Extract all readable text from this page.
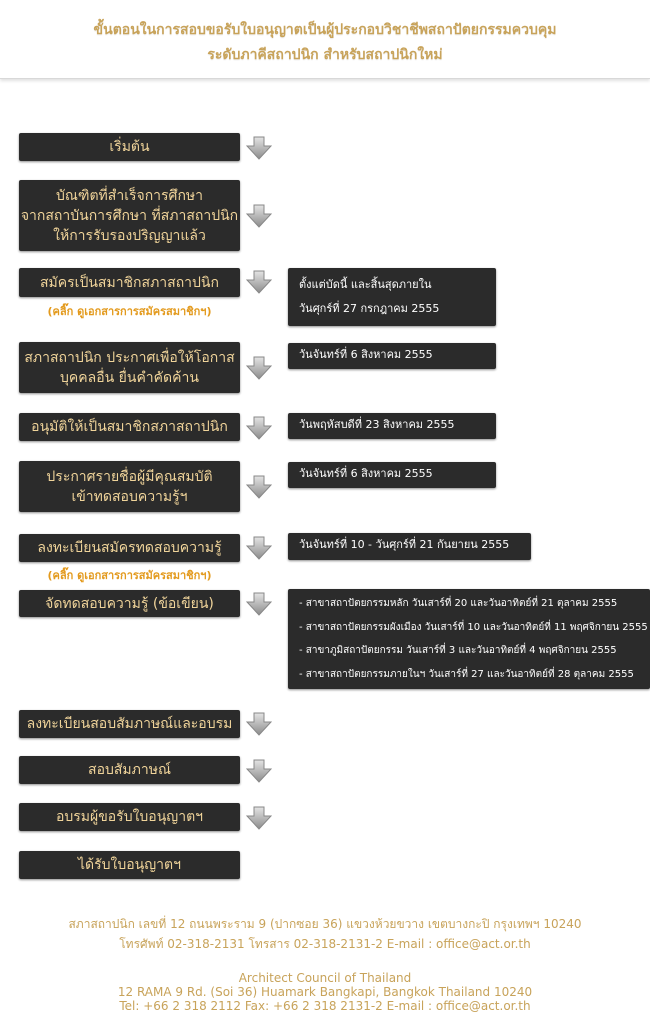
ขั้นตอนในการสอบขอรับใบอนุญาตเป็นผู้ประกอบวิชาชีพสถาปัตยกรรมควบคุม
ระดับภาคีสถาปนิก สำหรับสถาปนิกใหม่
เริ่มต้น
บัณฑิตที่สำเร็จการศึกษา
จากสถาบันการศึกษา ที่สภาสถาปนิก
ให้การรับรองปริญญาแล้ว
สมัครเป็นสมาชิกสภาสถาปนิก
(คลิ๊ก ดูเอกสารการสมัครสมาชิกฯ)
ตั้งแต่บัดนี้ และสิ้นสุดภายใน
วันศุกร์ที่ 27 กรกฎาคม 2555
สภาสถาปนิก ประกาศเพื่อให้โอกาส
บุคคลอื่น ยื่นคำคัดค้าน
วันจันทร์ที่ 6 สิงหาคม 2555
อนุมัติให้เป็นสมาชิกสภาสถาปนิก	วันพฤหัสบดีที่ 23 สิงหาคม 2555
ประกาศรายชื่อผู้มีคุณสมบัติ
เข้าทดสอบความรู้ฯ
วันจันทร์ที่ 6 สิงหาคม 2555
ลงทะเบียนสมัครทดสอบความรู้
(คลิ๊ก ดูเอกสารการสมัครสมาชิกฯ)
วันจันทร์ที่ 10 - วันศุกร์ที่ 21 กันยายน 2555
จัดทดสอบความรู้ (ข้อเขียน)	- สาขาสถาปัตยกรรมหลัก วันเสาร์ที่ 20 และวันอาทิตย์ที่ 21 ตุลาคม 2555
- สาขาสถาปัตยกรรมผังเมือง วันเสาร์ที่ 10 และวันอาทิตย์ที่ 11 พฤศจิกายน 2555
- สาขาภูมิสถาปัตยกรรม วันเสาร์ที่ 3 และวันอาทิตย์ที่ 4 พฤศจิกายน 2555
- สาขาสถาปัตยกรรมภายในฯ วันเสาร์ที่ 27 และวันอาทิตย์ที่ 28 ตุลาคม 2555
ลงทะเบียนสอบสัมภาษณ์และอบรม
สอบสัมภาษณ์
อบรมผู้ขอรับใบอนุญาตฯ
ได้รับใบอนุญาตฯ
สภาสถาปนิก เลขที่ 12 ถนนพระราม 9 (ปากซอย 36) แขวงห้วยขวาง เขตบางกะปิ กรุงเทพฯ 10240
โทรศัพท์ 02-318-2131 โทรสาร 02-318-2131-2 E-mail : office@act.or.th
Architect Council of Thailand
12 RAMA 9 Rd. (Soi 36) Huamark Bangkapi, Bangkok Thailand 10240
Tel: +66 2 318 2112 Fax: +66 2 318 2131-2 E-mail : office@act.or.th
